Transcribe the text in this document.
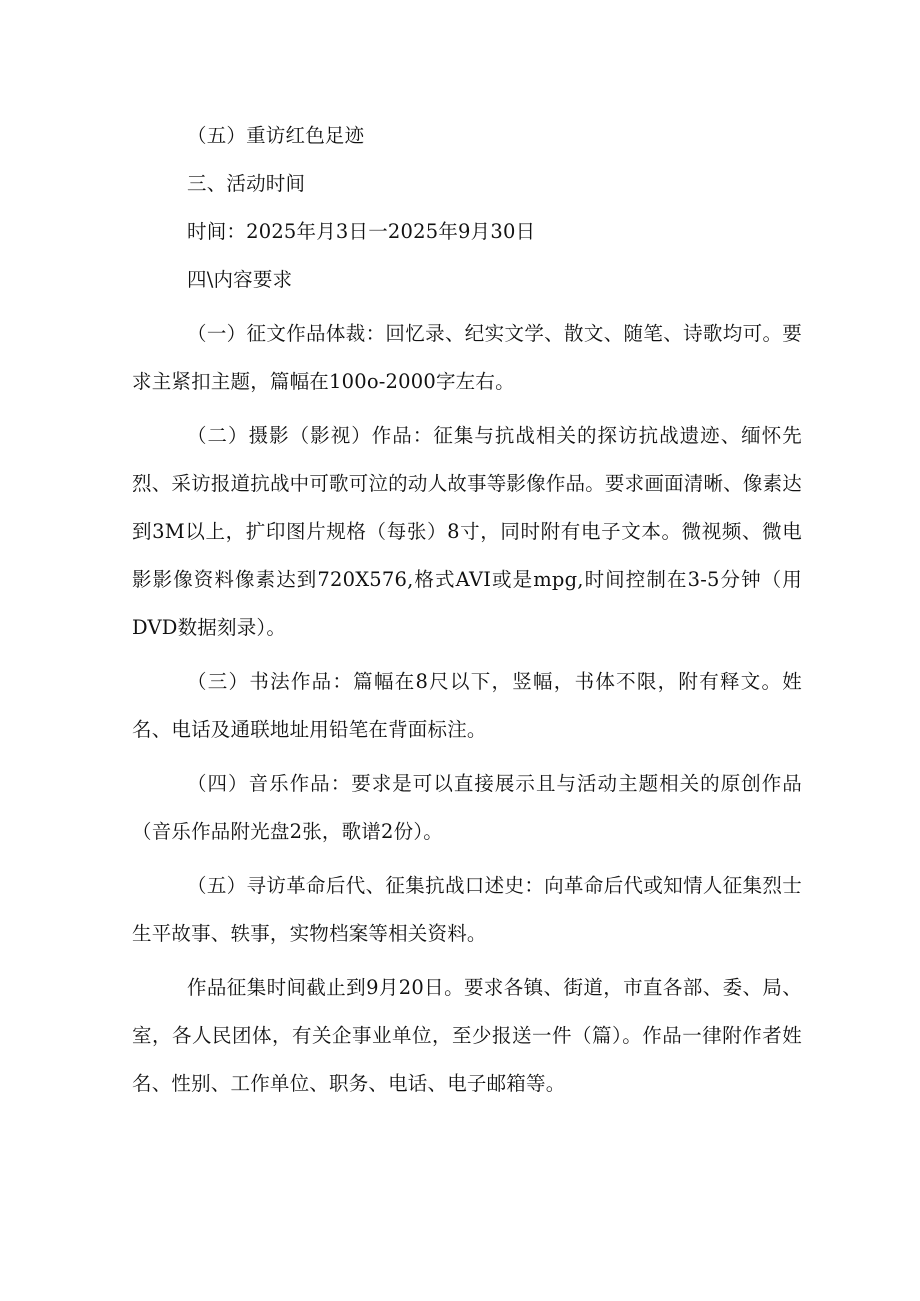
（五）重访红色足迹

三、活动时间

时间：2025年月3日一2025年9月30日

四\内容要求

（一）征文作品体裁：回忆录、纪实文学、散文、随笔、诗歌均可。要求主紧扣主题，篇幅在100o-2000字左右。

（二）摄影（影视）作品：征集与抗战相关的探访抗战遗迹、缅怀先烈、采访报道抗战中可歌可泣的动人故事等影像作品。要求画面清晰、像素达到3M以上，扩印图片规格（每张）8寸，同时附有电子文本。微视频、微电影影像资料像素达到720X576,格式AVI或是mpg,时间控制在3-5分钟（用DVD数据刻录）。

（三）书法作品：篇幅在8尺以下，竖幅，书体不限，附有释文。姓名、电话及通联地址用铅笔在背面标注。

（四）音乐作品：要求是可以直接展示且与活动主题相关的原创作品（音乐作品附光盘2张，歌谱2份）。

（五）寻访革命后代、征集抗战口述史：向革命后代或知情人征集烈士生平故事、轶事，实物档案等相关资料。

作品征集时间截止到9月20日。要求各镇、街道，市直各部、委、局、室，各人民团体，有关企事业单位，至少报送一件（篇）。作品一律附作者姓名、性别、工作单位、职务、电话、电子邮箱等。
